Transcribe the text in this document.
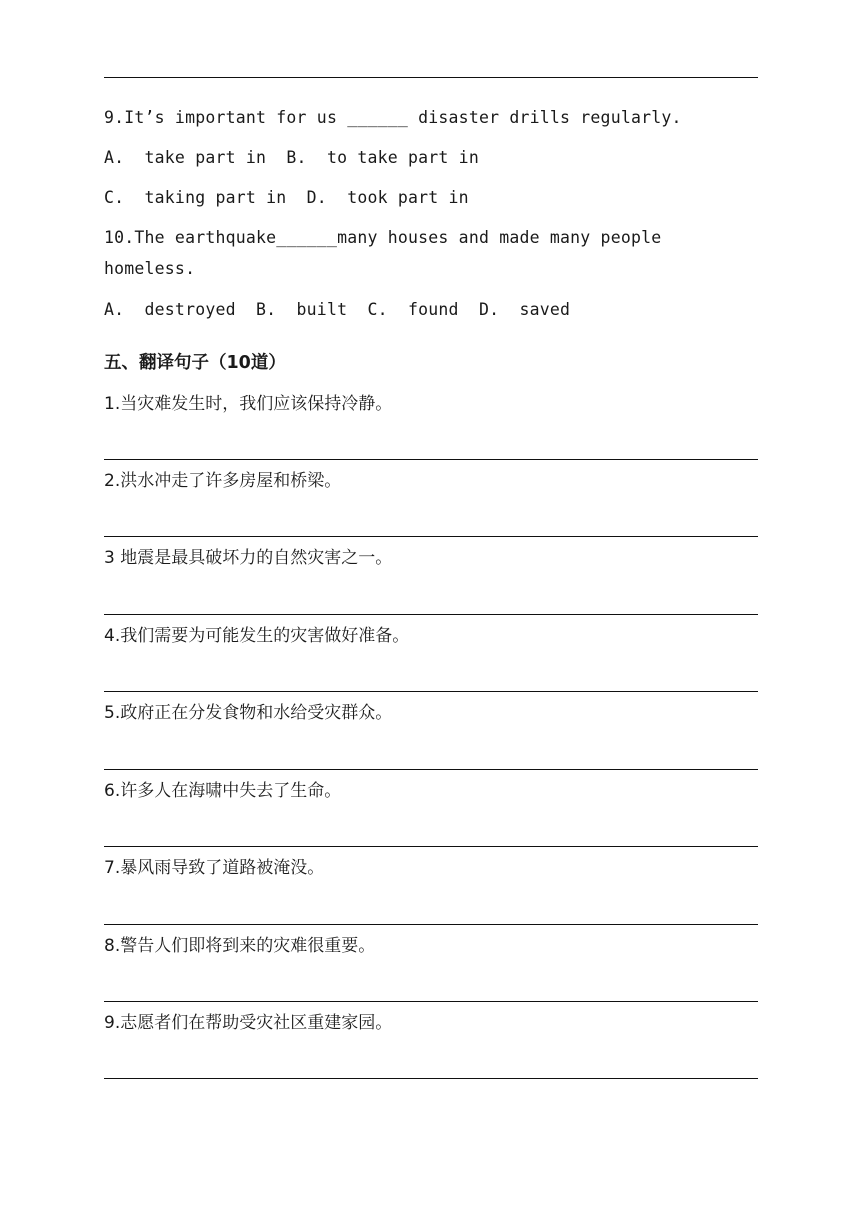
9.It’s important for us ______ disaster drills regularly.
A.  take part in  B.  to take part in
C.  taking part in  D.  took part in
10.The earthquake______many houses and made many people homeless.
A.  destroyed  B.  built  C.  found  D.  saved
五、翻译句子（10道）
1.当灾难发生时，我们应该保持冷静。
2.洪水冲走了许多房屋和桥梁。
3 地震是最具破坏力的自然灾害之一。
4.我们需要为可能发生的灾害做好准备。
5.政府正在分发食物和水给受灾群众。
6.许多人在海啸中失去了生命。
7.暴风雨导致了道路被淹没。
8.警告人们即将到来的灾难很重要。
9.志愿者们在帮助受灾社区重建家园。
